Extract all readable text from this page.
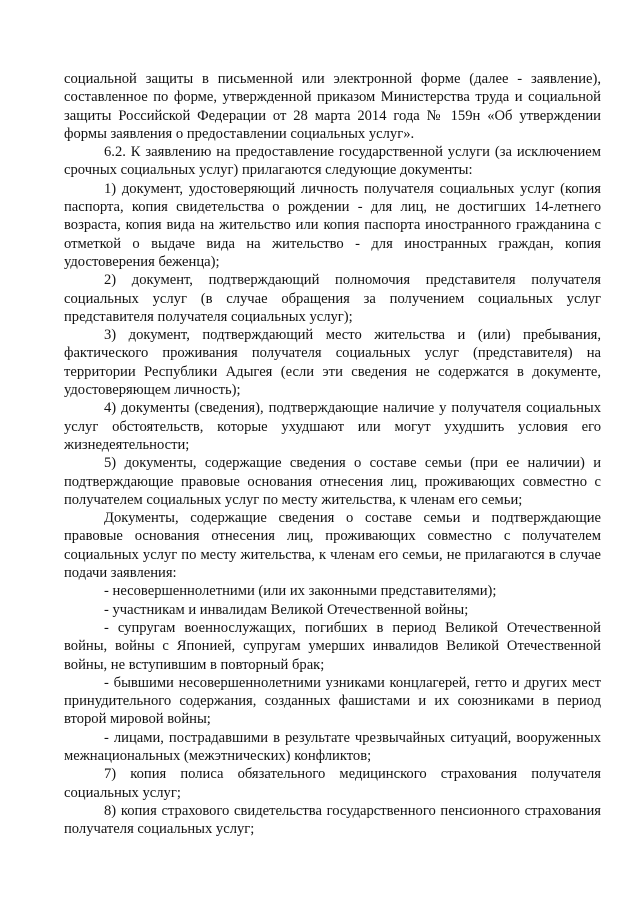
социальной защиты в письменной или электронной форме (далее - заявление), составленное по форме, утвержденной приказом Министерства труда и социальной защиты Российской Федерации от 28 марта 2014 года № 159н «Об утверждении формы заявления о предоставлении социальных услуг».

6.2. К заявлению на предоставление государственной услуги (за исключением срочных социальных услуг) прилагаются следующие документы:

1) документ, удостоверяющий личность получателя социальных услуг (копия паспорта, копия свидетельства о рождении - для лиц, не достигших 14-летнего возраста, копия вида на жительство или копия паспорта иностранного гражданина с отметкой о выдаче вида на жительство - для иностранных граждан, копия удостоверения беженца);

2) документ, подтверждающий полномочия представителя получателя социальных услуг (в случае обращения за получением социальных услуг представителя получателя социальных услуг);

3) документ, подтверждающий место жительства и (или) пребывания, фактического проживания получателя социальных услуг (представителя) на территории Республики Адыгея (если эти сведения не содержатся в документе, удостоверяющем личность);

4) документы (сведения), подтверждающие наличие у получателя социальных услуг обстоятельств, которые ухудшают или могут ухудшить условия его жизнедеятельности;

5) документы, содержащие сведения о составе семьи (при ее наличии) и подтверждающие правовые основания отнесения лиц, проживающих совместно с получателем социальных услуг по месту жительства, к членам его семьи;

Документы, содержащие сведения о составе семьи и подтверждающие правовые основания отнесения лиц, проживающих совместно с получателем социальных услуг по месту жительства, к членам его семьи, не прилагаются в случае подачи заявления:

- несовершеннолетними (или их законными представителями);

- участникам и инвалидам Великой Отечественной войны;

- супругам военнослужащих, погибших в период Великой Отечественной войны, войны с Японией, супругам умерших инвалидов Великой Отечественной войны, не вступившим в повторный брак;

- бывшими несовершеннолетними узниками концлагерей, гетто и других мест принудительного содержания, созданных фашистами и их союзниками в период второй мировой войны;

- лицами, пострадавшими в результате чрезвычайных ситуаций, вооруженных межнациональных (межэтнических) конфликтов;

7) копия полиса обязательного медицинского страхования получателя социальных услуг;

8) копия страхового свидетельства государственного пенсионного страхования получателя социальных услуг;
